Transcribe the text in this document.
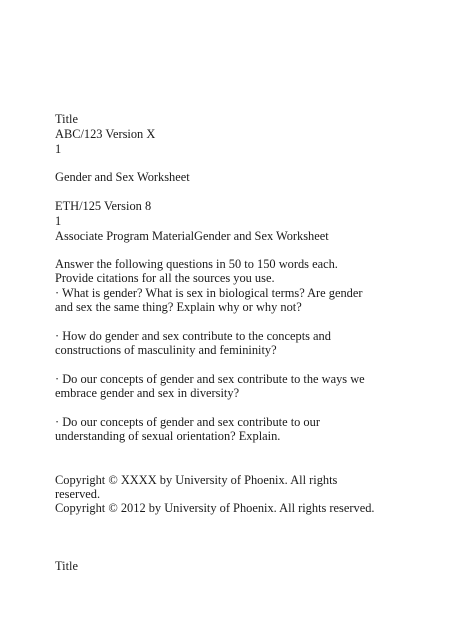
Title

ABC/123 Version X

1

Gender and Sex Worksheet

ETH/125 Version 8

1

Associate Program MaterialGender and Sex Worksheet

Answer the following questions in 50 to 150 words each.

Provide citations for all the sources you use.

· What is gender? What is sex in biological terms? Are gender

and sex the same thing? Explain why or why not?

· How do gender and sex contribute to the concepts and

constructions of masculinity and femininity?

· Do our concepts of gender and sex contribute to the ways we

embrace gender and sex in diversity?

· Do our concepts of gender and sex contribute to our

understanding of sexual orientation? Explain.

Copyright © XXXX by University of Phoenix. All rights

reserved.

Copyright © 2012 by University of Phoenix. All rights reserved.

Title
